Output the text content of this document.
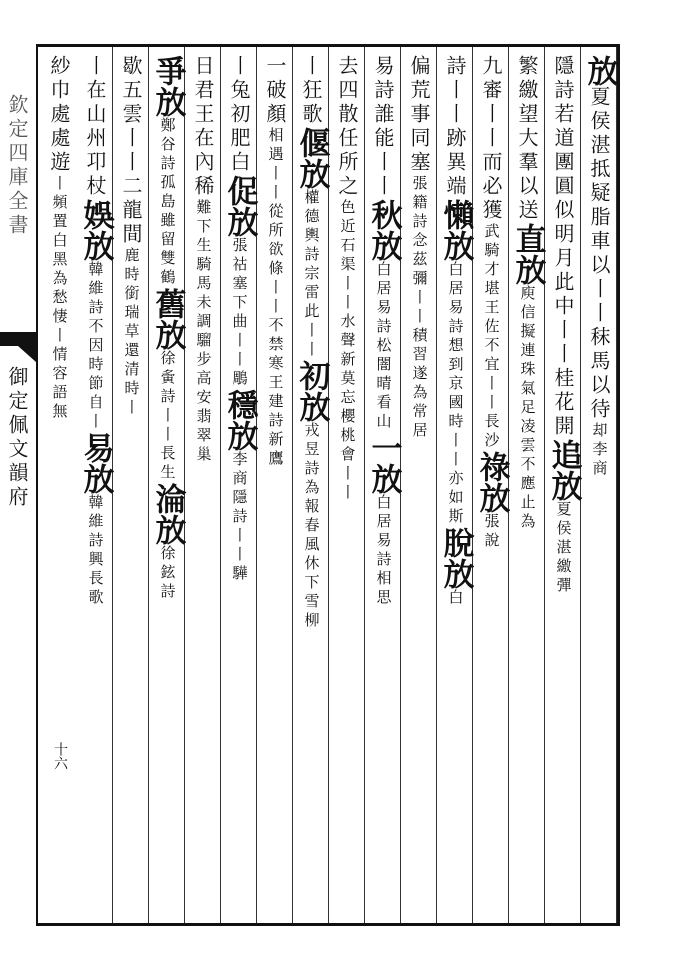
欽定四庫全書
御定佩文韻府
放
夏侯湛抵疑脂車以丨丨秣馬以待
却李商
隱詩若道團圓似明月此中丨丨桂花開
追放
夏侯湛繳彈
繁繳望大羣以送
直放
庾信擬連珠氣足凌雲不應止為
九審丨丨而必獲
武騎才堪王佐不宜丨丨長沙
祿放
張說
詩丨丨跡異端
懶放
白居易詩想到京國時丨丨亦如斯
脫放
白
偏荒事同塞
張籍詩念茲彌丨丨積習遂為常
居
易詩誰能丨丨
秋放
白居易詩松闇晴看山
一放
白居易詩相思
去四散任所之
色近石渠丨丨水聲新
莫忘櫻桃會丨丨
丨狂歌
偃放
權德輿詩宗雷此丨丨
初放
戎昱詩為報春風休下雪柳
一破顏
相遇丨丨從所欲
條丨丨不禁寒王建詩新鷹
丨兔初肥白
促放
張祜塞下曲丨丨鵰
穩放
李商隱詩丨丨驊
日君王在內稀
難下生騎馬未調
騮步高安翡翠巢
爭放
鄭谷詩孤島雖留雙鶴
舊放
徐夤詩丨丨長生
淪放
徐鉉詩
歇五雲丨丨二龍間
鹿時銜瑞草還
清時丨
丨在山州卭杖
娛放
韓維詩不因時節自丨
易放
韓維詩興長歌
紗巾處處遊
丨頻置白黑為愁悽
丨情容語無
十六
